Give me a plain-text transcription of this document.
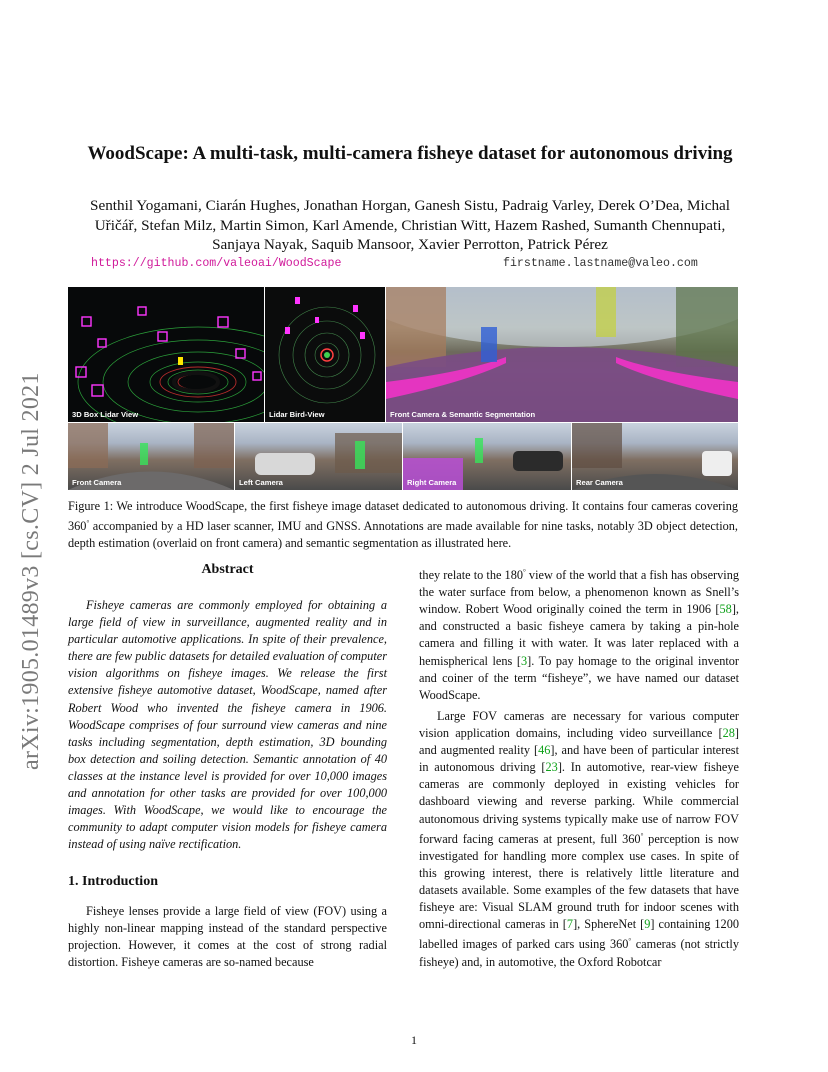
arXiv:1905.01489v3 [cs.CV] 2 Jul 2021
WoodScape: A multi-task, multi-camera fisheye dataset for autonomous driving
Senthil Yogamani, Ciarán Hughes, Jonathan Horgan, Ganesh Sistu, Padraig Varley, Derek O’Dea, Michal Uřičář, Stefan Milz, Martin Simon, Karl Amende, Christian Witt, Hazem Rashed, Sumanth Chennupati, Sanjaya Nayak, Saquib Mansoor, Xavier Perrotton, Patrick Pérez
https://github.com/valeoai/WoodScape	firstname.lastname@valeo.com
3D Box Lidar View	Lidar Bird-View	Front Camera & Semantic Segmentation
Front Camera	Left Camera	Right Camera	Rear Camera
Figure 1: We introduce WoodScape, the first fisheye image dataset dedicated to autonomous driving. It contains four cameras covering 360° accompanied by a HD laser scanner, IMU and GNSS. Annotations are made available for nine tasks, notably 3D object detection, depth estimation (overlaid on front camera) and semantic segmentation as illustrated here.
Abstract

Fisheye cameras are commonly employed for obtaining a large field of view in surveillance, augmented reality and in particular automotive applications. In spite of their prevalence, there are few public datasets for detailed evaluation of computer vision algorithms on fisheye images. We release the first extensive fisheye automotive dataset, WoodScape, named after Robert Wood who invented the fisheye camera in 1906. WoodScape comprises of four surround view cameras and nine tasks including segmentation, depth estimation, 3D bounding box detection and soiling detection. Semantic annotation of 40 classes at the instance level is provided for over 10,000 images and annotation for other tasks are provided for over 100,000 images. With WoodScape, we would like to encourage the community to adapt computer vision models for fisheye camera instead of using naïve rectification.

1. Introduction

Fisheye lenses provide a large field of view (FOV) using a highly non-linear mapping instead of the standard perspective projection. However, it comes at the cost of strong radial distortion. Fisheye cameras are so-named because

they relate to the 180° view of the world that a fish has observing the water surface from below, a phenomenon known as Snell’s window. Robert Wood originally coined the term in 1906 [58], and constructed a basic fisheye camera by taking a pin-hole camera and filling it with water. It was later replaced with a hemispherical lens [3]. To pay homage to the original inventor and coiner of the term “fisheye”, we have named our dataset WoodScape.

Large FOV cameras are necessary for various computer vision application domains, including video surveillance [28] and augmented reality [46], and have been of particular interest in autonomous driving [23]. In automotive, rear-view fisheye cameras are commonly deployed in existing vehicles for dashboard viewing and reverse parking. While commercial autonomous driving systems typically make use of narrow FOV forward facing cameras at present, full 360° perception is now investigated for handling more complex use cases. In spite of this growing interest, there is relatively little literature and datasets available. Some examples of the few datasets that have fisheye are: Visual SLAM ground truth for indoor scenes with omni-directional cameras in [7], SphereNet [9] containing 1200 labelled images of parked cars using 360° cameras (not strictly fisheye) and, in automotive, the Oxford Robotcar

1
